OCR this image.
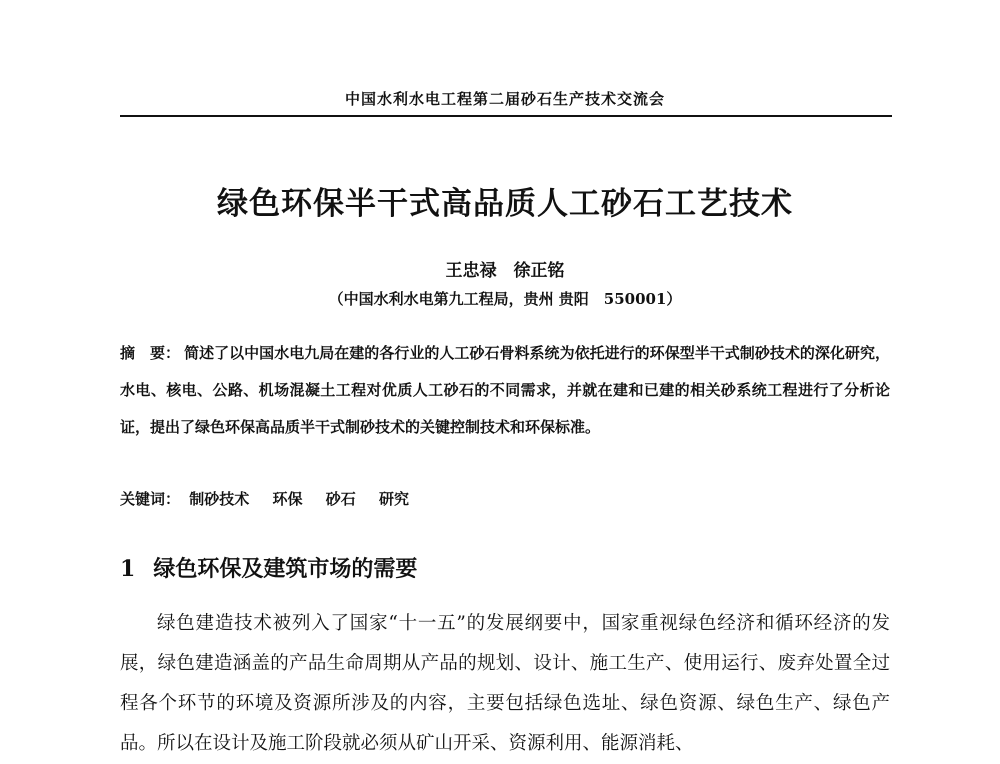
中国水利水电工程第二届砂石生产技术交流会
绿色环保半干式高品质人工砂石工艺技术
王忠禄　徐正铭
（中国水利水电第九工程局，贵州 贵阳　550001）
摘　要： 简述了以中国水电九局在建的各行业的人工砂石骨料系统为依托进行的环保型半干式制砂技术的深化研究，水电、核电、公路、机场混凝土工程对优质人工砂石的不同需求，并就在建和已建的相关砂系统工程进行了分析论证，提出了绿色环保高品质半干式制砂技术的关键控制技术和环保标准。
关键词： 制砂技术 环保 砂石 研究
1 绿色环保及建筑市场的需要
绿色建造技术被列入了国家“十一五”的发展纲要中，国家重视绿色经济和循环经济的发展，绿色建造涵盖的产品生命周期从产品的规划、设计、施工生产、使用运行、废弃处置全过程各个环节的环境及资源所涉及的内容，主要包括绿色选址、绿色资源、绿色生产、绿色产品。所以在设计及施工阶段就必须从矿山开采、资源利用、能源消耗、
